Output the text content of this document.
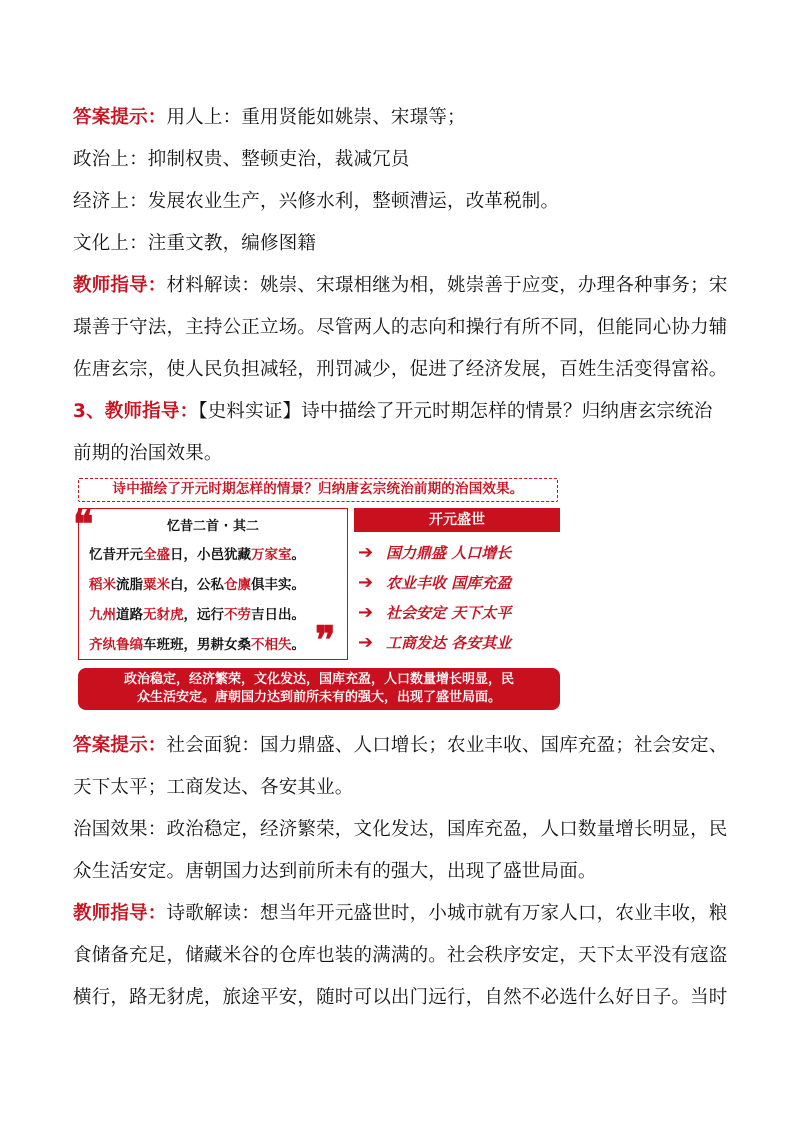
答案提示：用人上：重用贤能如姚崇、宋璟等；
政治上：抑制权贵、整顿吏治，裁减冗员
经济上：发展农业生产，兴修水利，整顿漕运，改革税制。
文化上：注重文教，编修图籍
教师指导：材料解读：姚崇、宋璟相继为相，姚崇善于应变，办理各种事务；宋
璟善于守法，主持公正立场。尽管两人的志向和操行有所不同，但能同心协力辅
佐唐玄宗，使人民负担减轻，刑罚减少，促进了经济发展，百姓生活变得富裕。
3、教师指导：【史料实证】诗中描绘了开元时期怎样的情景？归纳唐玄宗统治
前期的治国效果。
诗中描绘了开元时期怎样的情景？归纳唐玄宗统治前期的治国效果。
❝
❞
忆昔二首 · 其二
忆昔开元全盛日，小邑犹藏万家室。
稻米流脂粟米白，公私仓廪俱丰实。
九州道路无豺虎，远行不劳吉日出。
齐纨鲁缟车班班，男耕女桑不相失。
开元盛世
➔ 国力鼎盛 人口增长
➔ 农业丰收 国库充盈
➔ 社会安定 天下太平
➔ 工商发达 各安其业
政治稳定，经济繁荣，文化发达，国库充盈，人口数量增长明显，民
众生活安定。唐朝国力达到前所未有的强大，出现了盛世局面。
答案提示：社会面貌：国力鼎盛、人口增长；农业丰收、国库充盈；社会安定、
天下太平；工商发达、各安其业。
治国效果：政治稳定，经济繁荣，文化发达，国库充盈，人口数量增长明显，民
众生活安定。唐朝国力达到前所未有的强大，出现了盛世局面。
教师指导：诗歌解读：想当年开元盛世时，小城市就有万家人口，农业丰收，粮
食储备充足，储藏米谷的仓库也装的满满的。社会秩序安定，天下太平没有寇盗
横行，路无豺虎，旅途平安，随时可以出门远行，自然不必选什么好日子。当时
